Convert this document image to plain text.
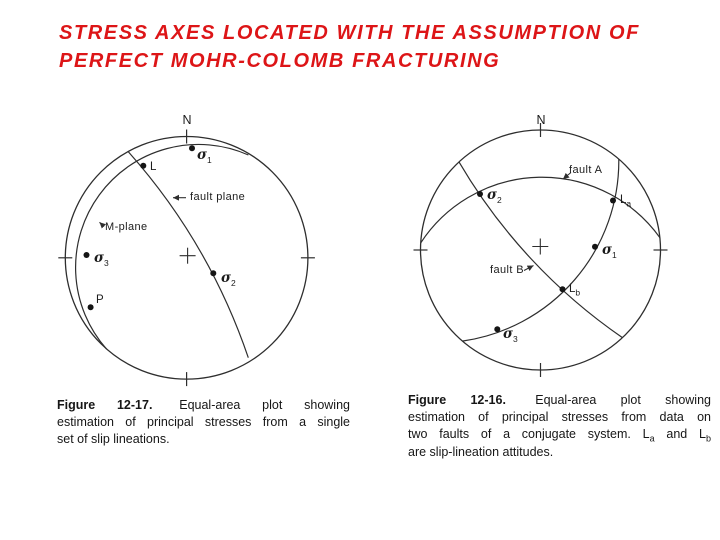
STRESS AXES LOCATED WITH THE ASSUMPTION OF
PERFECT MOHR-COLOMB FRACTURING
N
$\sigma_1$
L
fault plane
M-plane
$\sigma_3$
P
$\sigma_2$
N
$\sigma_2$
fault A
$L_a$
$\sigma_1$
fault B
$L_b$
$\sigma_3$
Figure 12-17. Equal-area plot showing
estimation of principal stresses from a single
set of slip lineations.
Figure 12-16. Equal-area plot showing
estimation of principal stresses from data on
two faults of a conjugate system. $L_a$ and $L_b$
are slip-lineation attitudes.
